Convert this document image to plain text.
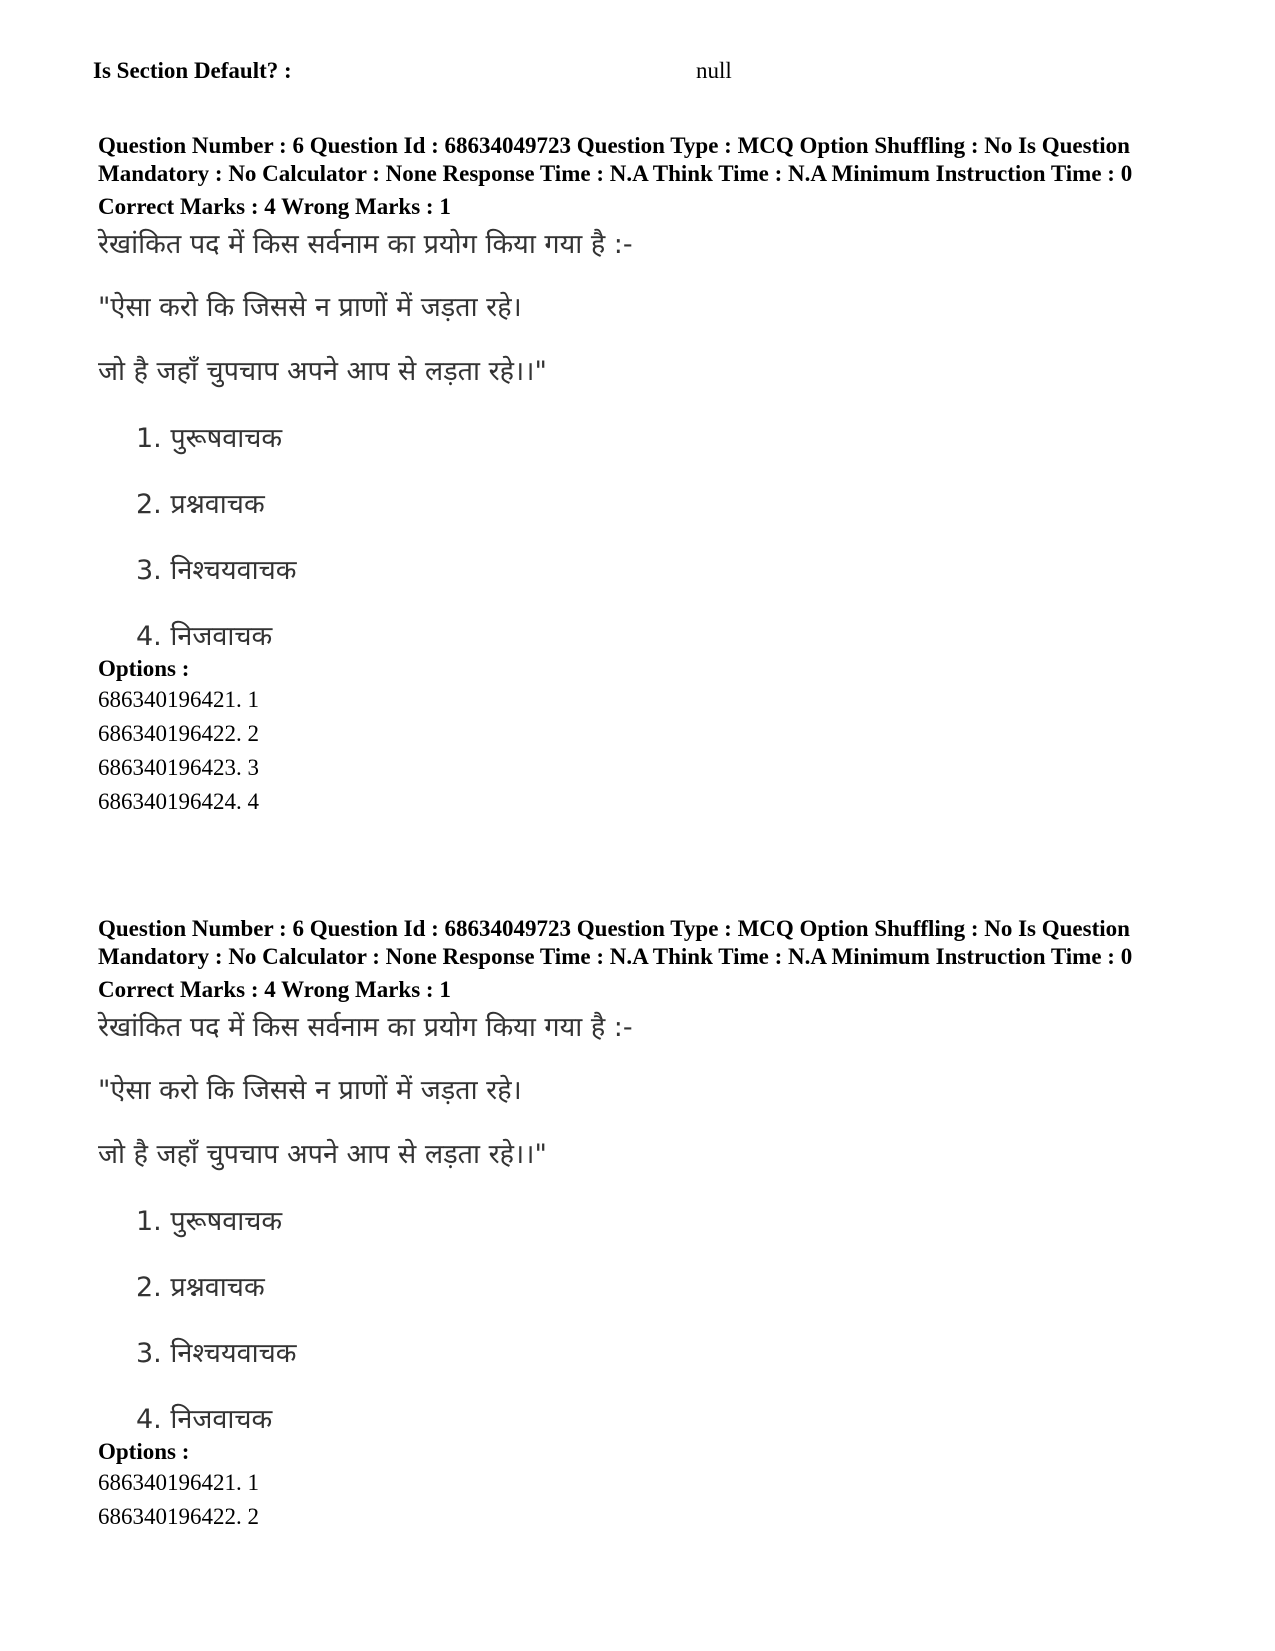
Is Section Default? :	null
Question Number : 6 Question Id : 68634049723 Question Type : MCQ Option Shuffling : No Is Question Mandatory : No Calculator : None Response Time : N.A Think Time : N.A Minimum Instruction Time : 0
Correct Marks : 4 Wrong Marks : 1
रेखांकित पद में किस सर्वनाम का प्रयोग किया गया है :-
"ऐसा करो कि जिससे न प्राणों में जड़ता रहे।
जो है जहाँ चुपचाप अपने आप से लड़ता रहे।।"
1. पुरूषवाचक
2. प्रश्नवाचक
3. निश्चयवाचक
4. निजवाचक
Options :
686340196421. 1
686340196422. 2
686340196423. 3
686340196424. 4
Question Number : 6 Question Id : 68634049723 Question Type : MCQ Option Shuffling : No Is Question Mandatory : No Calculator : None Response Time : N.A Think Time : N.A Minimum Instruction Time : 0
Correct Marks : 4 Wrong Marks : 1
रेखांकित पद में किस सर्वनाम का प्रयोग किया गया है :-
"ऐसा करो कि जिससे न प्राणों में जड़ता रहे।
जो है जहाँ चुपचाप अपने आप से लड़ता रहे।।"
1. पुरूषवाचक
2. प्रश्नवाचक
3. निश्चयवाचक
4. निजवाचक
Options :
686340196421. 1
686340196422. 2
